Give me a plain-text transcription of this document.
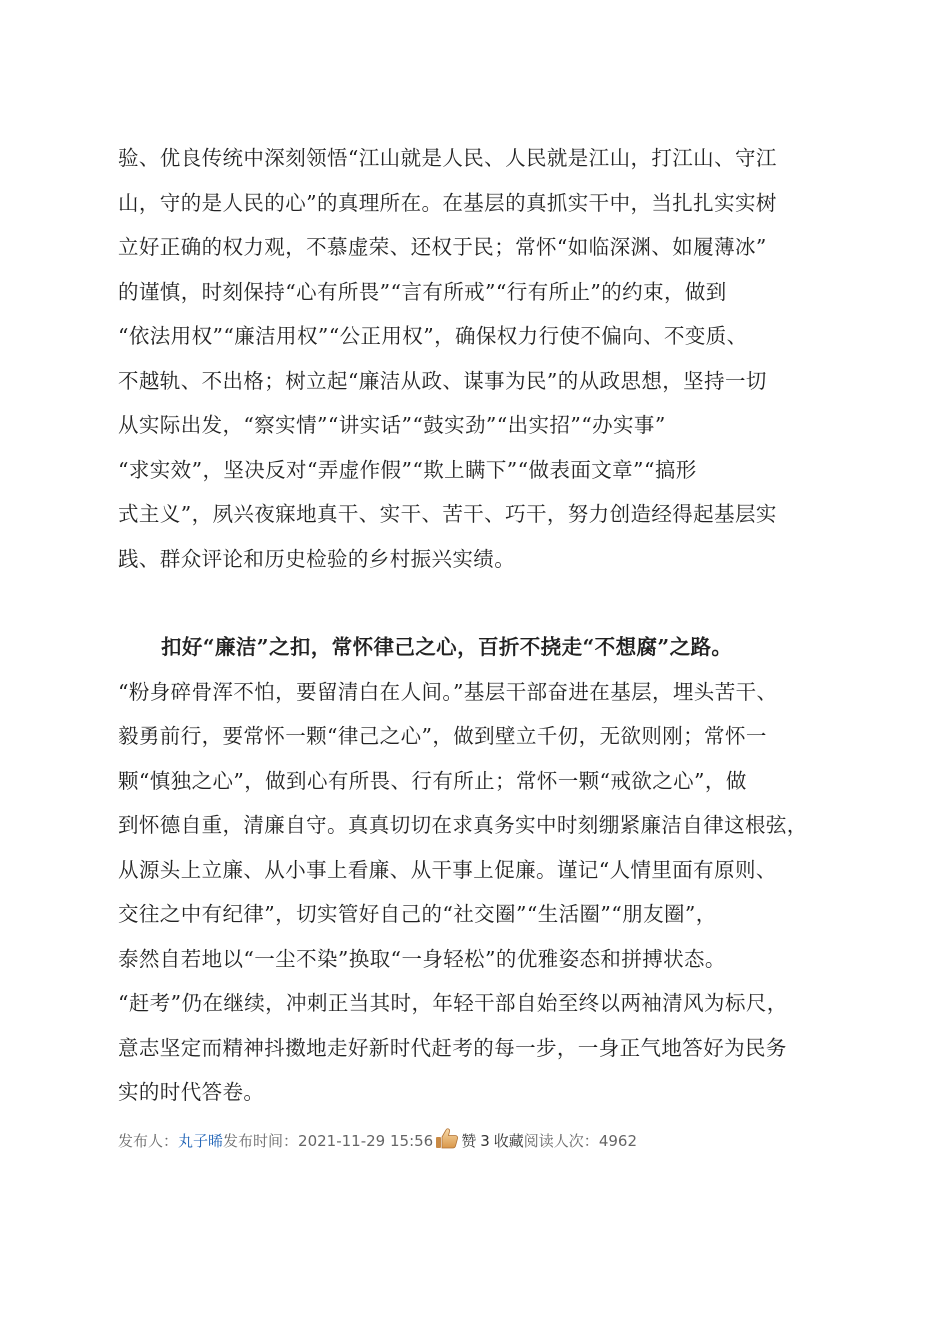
验、优良传统中深刻领悟“江山就是人民、人民就是江山，打江山、守江
山，守的是人民的心”的真理所在。在基层的真抓实干中，当扎扎实实树
立好正确的权力观，不慕虚荣、还权于民；常怀“如临深渊、如履薄冰”
的谨慎，时刻保持“心有所畏”“言有所戒”“行有所止”的约束，做到
“依法用权”“廉洁用权”“公正用权”，确保权力行使不偏向、不变质、
不越轨、不出格；树立起“廉洁从政、谋事为民”的从政思想，坚持一切
从实际出发，“察实情”“讲实话”“鼓实劲”“出实招”“办实事”
“求实效”，坚决反对“弄虚作假”“欺上瞒下”“做表面文章”“搞形
式主义”，夙兴夜寐地真干、实干、苦干、巧干，努力创造经得起基层实
践、群众评论和历史检验的乡村振兴实绩。
扣好“廉洁”之扣，常怀律己之心，百折不挠走“不想腐”之路。
“粉身碎骨浑不怕，要留清白在人间。”基层干部奋进在基层，埋头苦干、
毅勇前行，要常怀一颗“律己之心”，做到壁立千仞，无欲则刚；常怀一
颗“慎独之心”，做到心有所畏、行有所止；常怀一颗“戒欲之心”，做
到怀德自重，清廉自守。真真切切在求真务实中时刻绷紧廉洁自律这根弦，
从源头上立廉、从小事上看廉、从干事上促廉。谨记“人情里面有原则、
交往之中有纪律”，切实管好自己的“社交圈”“生活圈”“朋友圈”，
泰然自若地以“一尘不染”换取“一身轻松”的优雅姿态和拼搏状态。
“赶考”仍在继续，冲刺正当其时，年轻干部自始至终以两袖清风为标尺，
意志坚定而精神抖擞地走好新时代赶考的每一步，一身正气地答好为民务
实的时代答卷。
发布人： 丸子晞 发布时间： 2021-11-29 15:56 赞 3 收藏 阅读人次： 4962
